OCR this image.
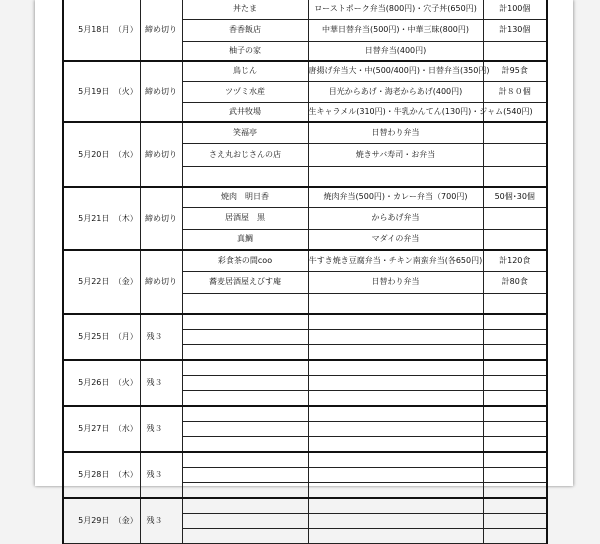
5月18日 （月）	締め切り	丼たま	ローストポーク弁当(800円)・穴子丼(650円)	計100個
		香香飯店	中華日替弁当(500円)・中華三昧(800円)	計130個
		柚子の家	日替弁当(400円)	
5月19日 （火）	締め切り	鳥じん	唐揚げ弁当大・中(500/400円)・日替弁当(350円)	計95食
		ツヅミ水産	目光からあげ・海老からあげ(400円)	計８０個
		武井牧場	生キャラメル(310円)・牛乳かんてん(130円)・ジャム(540円)	
5月20日 （水）	締め切り	笑福亭	日替わり弁当	
		さえ丸おじさんの店	焼きサバ寿司・お弁当	

5月21日 （木）	締め切り	焼肉　明日香	焼肉弁当(500円)・カレー弁当（700円)	50個･30個
		居酒屋　黒	からあげ弁当	
		真鯛	マダイの弁当	
5月22日 （金）	締め切り	彩食茶の間coo	牛すき焼き豆腐弁当・チキン南蛮弁当(各650円)	計120食
		蕎麦居酒屋えびす庵	日替わり弁当	計80食

5月25日 （月）	残３			

5月26日 （火）	残３			

5月27日 （水）	残３			

5月28日 （木）	残３			

5月29日 （金）	残３			
